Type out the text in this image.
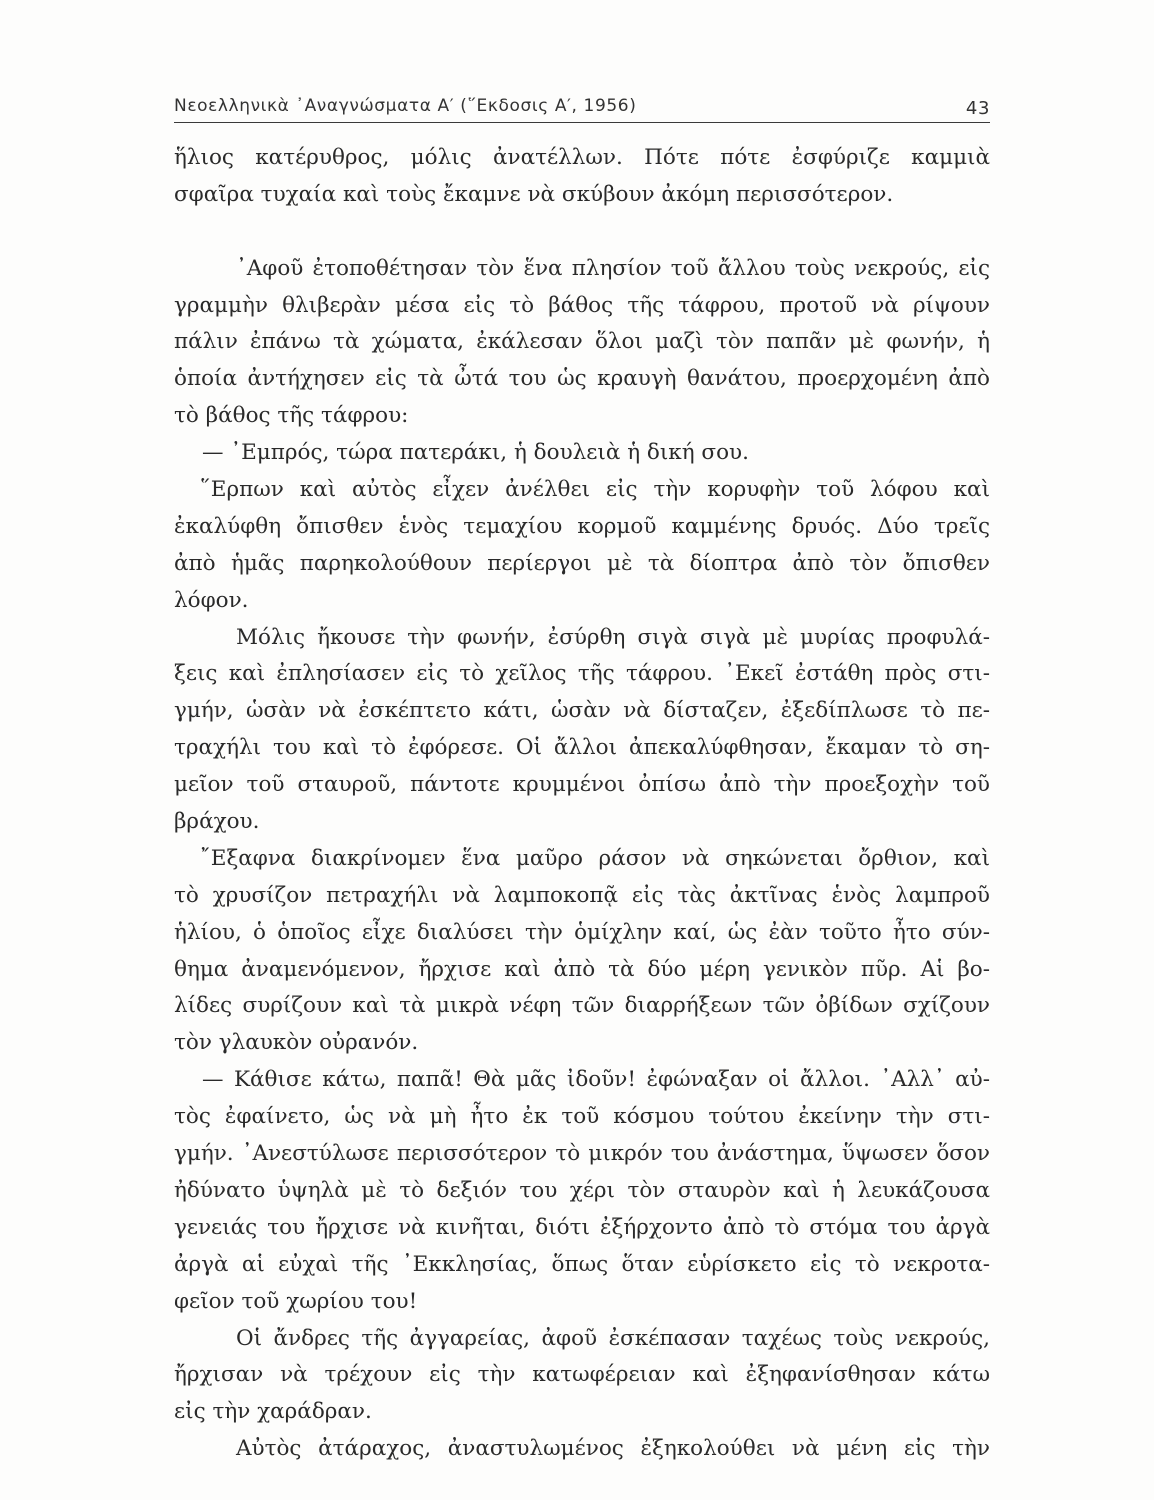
Νεοελληνικὰ ᾿Αναγνώσματα Α′ (῞Εκδοσις Α′, 1956)	43
ἥλιος κατέρυθρος, μόλις ἀνατέλλων. Πότε πότε ἐσφύριζε καμμιὰ
σφαῖρα τυχαία καὶ τοὺς ἔκαμνε νὰ σκύβουν ἀκόμη περισσότερον.
᾿Αφοῦ ἐτοποθέτησαν τὸν ἕνα πλησίον τοῦ ἄλλου τοὺς νεκρούς, εἰς
γραμμὴν θλιβερὰν μέσα εἰς τὸ βάθος τῆς τάφρου, προτοῦ νὰ ρίψουν
πάλιν ἐπάνω τὰ χώματα, ἐκάλεσαν ὅλοι μαζὶ τὸν παπᾶν μὲ φωνήν, ἡ
ὁποία ἀντήχησεν εἰς τὰ ὦτά του ὡς κραυγὴ θανάτου, προερχομένη ἀπὸ
τὸ βάθος τῆς τάφρου:
— ᾿Εμπρός, τώρα πατεράκι, ἡ δουλειὰ ἡ δική σου.
῞Ερπων καὶ αὐτὸς εἶχεν ἀνέλθει εἰς τὴν κορυφὴν τοῦ λόφου καὶ
ἐκαλύφθη ὄπισθεν ἑνὸς τεμαχίου κορμοῦ καμμένης δρυός. Δύο τρεῖς
ἀπὸ ἡμᾶς παρηκολούθουν περίεργοι μὲ τὰ δίοπτρα ἀπὸ τὸν ὄπισθεν
λόφον.
Μόλις ἤκουσε τὴν φωνήν, ἐσύρθη σιγὰ σιγὰ μὲ μυρίας προφυλά-
ξεις καὶ ἐπλησίασεν εἰς τὸ χεῖλος τῆς τάφρου. ᾿Εκεῖ ἐστάθη πρὸς στι-
γμήν, ὡσὰν νὰ ἐσκέπτετο κάτι, ὡσὰν νὰ δίσταζεν, ἐξεδίπλωσε τὸ πε-
τραχήλι του καὶ τὸ ἐφόρεσε. Οἱ ἄλλοι ἀπεκαλύφθησαν, ἔκαμαν τὸ ση-
μεῖον τοῦ σταυροῦ, πάντοτε κρυμμένοι ὀπίσω ἀπὸ τὴν προεξοχὴν τοῦ
βράχου.
῎Εξαφνα διακρίνομεν ἕνα μαῦρο ράσον νὰ σηκώνεται ὄρθιον, καὶ
τὸ χρυσίζον πετραχήλι νὰ λαμποκοπᾷ εἰς τὰς ἀκτῖνας ἑνὸς λαμπροῦ
ἡλίου, ὁ ὁποῖος εἶχε διαλύσει τὴν ὁμίχλην καί, ὡς ἐὰν τοῦτο ἦτο σύν-
θημα ἀναμενόμενον, ἤρχισε καὶ ἀπὸ τὰ δύο μέρη γενικὸν πῦρ. Αἱ βο-
λίδες συρίζουν καὶ τὰ μικρὰ νέφη τῶν διαρρήξεων τῶν ὀβίδων σχίζουν
τὸν γλαυκὸν οὐρανόν.
— Κάθισε κάτω, παπᾶ! Θὰ μᾶς ἰδοῦν! ἐφώναξαν οἱ ἄλλοι. ᾿Αλλ᾿ αὐ-
τὸς ἐφαίνετο, ὡς νὰ μὴ ἦτο ἐκ τοῦ κόσμου τούτου ἐκείνην τὴν στι-
γμήν. ᾿Ανεστύλωσε περισσότερον τὸ μικρόν του ἀνάστημα, ὕψωσεν ὅσον
ἠδύνατο ὑψηλὰ μὲ τὸ δεξιόν του χέρι τὸν σταυρὸν καὶ ἡ λευκάζουσα
γενειάς του ἤρχισε νὰ κινῆται, διότι ἐξήρχοντο ἀπὸ τὸ στόμα του ἀργὰ
ἀργὰ αἱ εὐχαὶ τῆς ᾿Εκκλησίας, ὅπως ὅταν εὑρίσκετο εἰς τὸ νεκροτα-
φεῖον τοῦ χωρίου του!
Οἱ ἄνδρες τῆς ἀγγαρείας, ἀφοῦ ἐσκέπασαν ταχέως τοὺς νεκρούς,
ἤρχισαν νὰ τρέχουν εἰς τὴν κατωφέρειαν καὶ ἐξηφανίσθησαν κάτω
εἰς τὴν χαράδραν.
Αὐτὸς ἀτάραχος, ἀναστυλωμένος ἐξηκολούθει νὰ μένη εἰς τὴν
